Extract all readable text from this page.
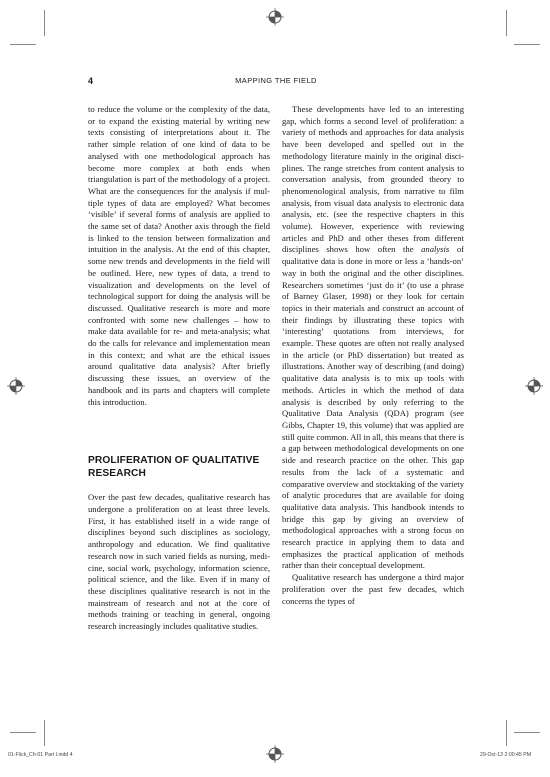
4	MAPPING THE FIELD

to reduce the volume or the complexity of the data, or to expand the existing material by writing new texts consisting of interpretations about it. The rather simple relation of one kind of data to be analysed with one methodological approach has become more complex at both ends when triangulation is part of the methodology of a project. What are the consequences for the analysis if multiple types of data are employed? What becomes ‘visible’ if several forms of analysis are applied to the same set of data? Another axis through the field is linked to the tension between formalization and intuition in the analysis. At the end of this chapter, some new trends and developments in the field will be outlined. Here, new types of data, a trend to visualization and developments on the level of technological support for doing the analysis will be discussed. Qualitative research is more and more confronted with some new challenges – how to make data available for re- and meta-analysis; what do the calls for relevance and implementation mean in this context; and what are the ethical issues around qualitative data analysis? After briefly discussing these issues, an overview of the handbook and its parts and chapters will complete this introduction.

PROLIFERATION OF QUALITATIVE RESEARCH

Over the past few decades, qualitative research has undergone a proliferation on at least three levels. First, it has established itself in a wide range of disciplines beyond such disciplines as sociology, anthropology and education. We find qualitative research now in such varied fields as nursing, medicine, social work, psychology, information science, political science, and the like. Even if in many of these disciplines qualitative research is not in the mainstream of research and not at the core of methods training or teaching in general, ongoing research increasingly includes qualitative studies.

These developments have led to an interesting gap, which forms a second level of proliferation: a variety of methods and approaches for data analysis have been developed and spelled out in the methodology literature mainly in the original disciplines. The range stretches from content analysis to conversation analysis, from grounded theory to phenomenological analysis, from narrative to film analysis, from visual data analysis to electronic data analysis, etc. (see the respective chapters in this volume). However, experience with reviewing articles and PhD and other theses from different disciplines shows how often the analysis of qualitative data is done in more or less a ‘hands-on’ way in both the original and the other disciplines. Researchers sometimes ‘just do it’ (to use a phrase of Barney Glaser, 1998) or they look for certain topics in their materials and construct an account of their findings by illustrating these topics with ‘interesting’ quotations from interviews, for example. These quotes are often not really analysed in the article (or PhD dissertation) but treated as illustrations. Another way of describing (and doing) qualitative data analysis is to mix up tools with methods. Articles in which the method of data analysis is described by only referring to the Qualitative Data Analysis (QDA) program (see Gibbs, Chapter 19, this volume) that was applied are still quite common. All in all, this means that there is a gap between methodological developments on one side and research practice on the other. This gap results from the lack of a systematic and comparative overview and stocktaking of the variety of analytic procedures that are available for doing qualitative data analysis. This handbook intends to bridge this gap by giving an overview of methodological approaches with a strong focus on research practice in applying them to data and emphasizes the practical application of methods rather than their conceptual development.

Qualitative research has undergone a third major proliferation over the past few decades, which concerns the types of

01-Flick_Ch-01 Part I.indd 4	29-Oct-13 2:00:45 PM
